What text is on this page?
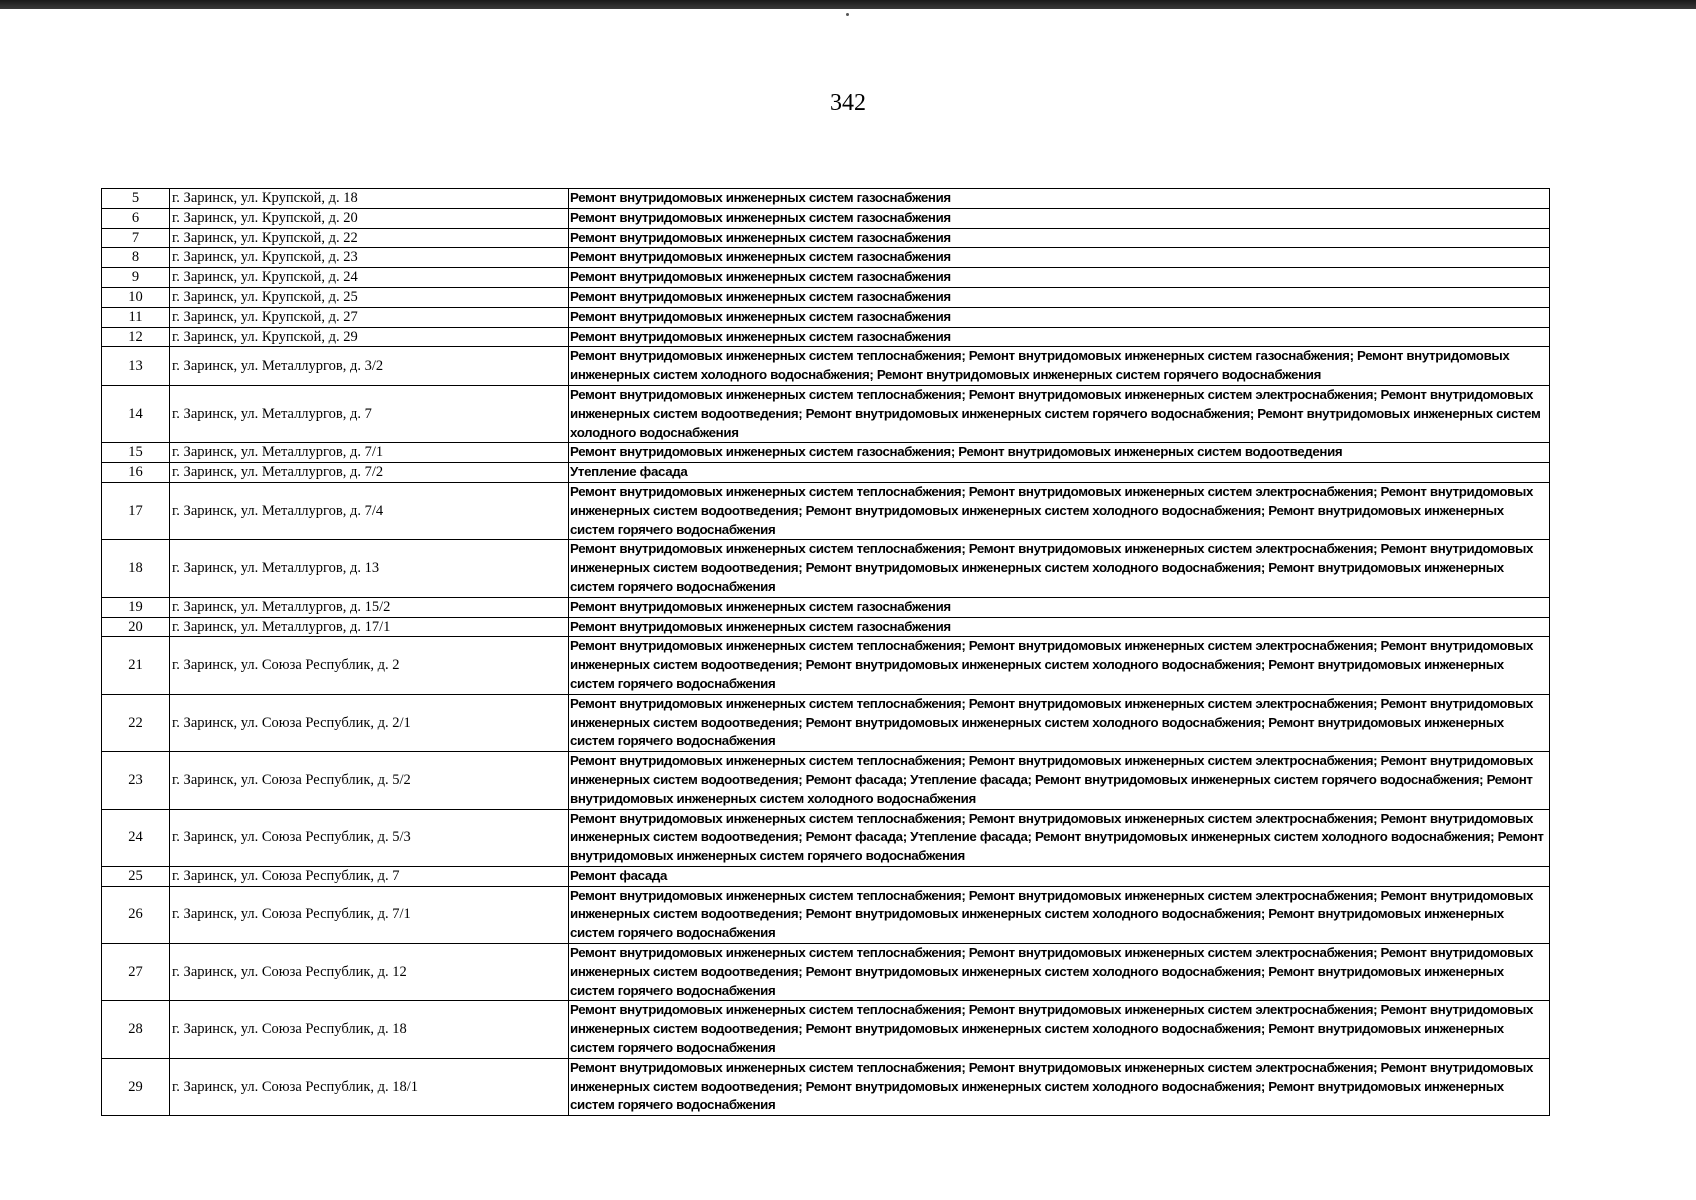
342
5	г. Заринск, ул. Крупской, д. 18	Ремонт внутридомовых инженерных систем газоснабжения
6	г. Заринск, ул. Крупской, д. 20	Ремонт внутридомовых инженерных систем газоснабжения
7	г. Заринск, ул. Крупской, д. 22	Ремонт внутридомовых инженерных систем газоснабжения
8	г. Заринск, ул. Крупской, д. 23	Ремонт внутридомовых инженерных систем газоснабжения
9	г. Заринск, ул. Крупской, д. 24	Ремонт внутридомовых инженерных систем газоснабжения
10	г. Заринск, ул. Крупской, д. 25	Ремонт внутридомовых инженерных систем газоснабжения
11	г. Заринск, ул. Крупской, д. 27	Ремонт внутридомовых инженерных систем газоснабжения
12	г. Заринск, ул. Крупской, д. 29	Ремонт внутридомовых инженерных систем газоснабжения
13	г. Заринск, ул. Металлургов, д. 3/2	Ремонт внутридомовых инженерных систем теплоснабжения; Ремонт внутридомовых инженерных систем газоснабжения; Ремонт внутридомовых инженерных систем холодного водоснабжения; Ремонт внутридомовых инженерных систем горячего водоснабжения
14	г. Заринск, ул. Металлургов, д. 7	Ремонт внутридомовых инженерных систем теплоснабжения; Ремонт внутридомовых инженерных систем электроснабжения; Ремонт внутридомовых инженерных систем водоотведения; Ремонт внутридомовых инженерных систем горячего водоснабжения; Ремонт внутридомовых инженерных систем холодного водоснабжения
15	г. Заринск, ул. Металлургов, д. 7/1	Ремонт внутридомовых инженерных систем газоснабжения; Ремонт внутридомовых инженерных систем водоотведения
16	г. Заринск, ул. Металлургов, д. 7/2	Утепление фасада
17	г. Заринск, ул. Металлургов, д. 7/4	Ремонт внутридомовых инженерных систем теплоснабжения; Ремонт внутридомовых инженерных систем электроснабжения; Ремонт внутридомовых инженерных систем водоотведения; Ремонт внутридомовых инженерных систем холодного водоснабжения; Ремонт внутридомовых инженерных систем горячего водоснабжения
18	г. Заринск, ул. Металлургов, д. 13	Ремонт внутридомовых инженерных систем теплоснабжения; Ремонт внутридомовых инженерных систем электроснабжения; Ремонт внутридомовых инженерных систем водоотведения; Ремонт внутридомовых инженерных систем холодного водоснабжения; Ремонт внутридомовых инженерных систем горячего водоснабжения
19	г. Заринск, ул. Металлургов, д. 15/2	Ремонт внутридомовых инженерных систем газоснабжения
20	г. Заринск, ул. Металлургов, д. 17/1	Ремонт внутридомовых инженерных систем газоснабжения
21	г. Заринск, ул. Союза Республик, д. 2	Ремонт внутридомовых инженерных систем теплоснабжения; Ремонт внутридомовых инженерных систем электроснабжения; Ремонт внутридомовых инженерных систем водоотведения; Ремонт внутридомовых инженерных систем холодного водоснабжения; Ремонт внутридомовых инженерных систем горячего водоснабжения
22	г. Заринск, ул. Союза Республик, д. 2/1	Ремонт внутридомовых инженерных систем теплоснабжения; Ремонт внутридомовых инженерных систем электроснабжения; Ремонт внутридомовых инженерных систем водоотведения; Ремонт внутридомовых инженерных систем холодного водоснабжения; Ремонт внутридомовых инженерных систем горячего водоснабжения
23	г. Заринск, ул. Союза Республик, д. 5/2	Ремонт внутридомовых инженерных систем теплоснабжения; Ремонт внутридомовых инженерных систем электроснабжения; Ремонт внутридомовых инженерных систем водоотведения; Ремонт фасада; Утепление фасада; Ремонт внутридомовых инженерных систем горячего водоснабжения; Ремонт внутридомовых инженерных систем холодного водоснабжения
24	г. Заринск, ул. Союза Республик, д. 5/3	Ремонт внутридомовых инженерных систем теплоснабжения; Ремонт внутридомовых инженерных систем электроснабжения; Ремонт внутридомовых инженерных систем водоотведения; Ремонт фасада; Утепление фасада; Ремонт внутридомовых инженерных систем холодного водоснабжения; Ремонт внутридомовых инженерных систем горячего водоснабжения
25	г. Заринск, ул. Союза Республик, д. 7	Ремонт фасада
26	г. Заринск, ул. Союза Республик, д. 7/1	Ремонт внутридомовых инженерных систем теплоснабжения; Ремонт внутридомовых инженерных систем электроснабжения; Ремонт внутридомовых инженерных систем водоотведения; Ремонт внутридомовых инженерных систем холодного водоснабжения; Ремонт внутридомовых инженерных систем горячего водоснабжения
27	г. Заринск, ул. Союза Республик, д. 12	Ремонт внутридомовых инженерных систем теплоснабжения; Ремонт внутридомовых инженерных систем электроснабжения; Ремонт внутридомовых инженерных систем водоотведения; Ремонт внутридомовых инженерных систем холодного водоснабжения; Ремонт внутридомовых инженерных систем горячего водоснабжения
28	г. Заринск, ул. Союза Республик, д. 18	Ремонт внутридомовых инженерных систем теплоснабжения; Ремонт внутридомовых инженерных систем электроснабжения; Ремонт внутридомовых инженерных систем водоотведения; Ремонт внутридомовых инженерных систем холодного водоснабжения; Ремонт внутридомовых инженерных систем горячего водоснабжения
29	г. Заринск, ул. Союза Республик, д. 18/1	Ремонт внутридомовых инженерных систем теплоснабжения; Ремонт внутридомовых инженерных систем электроснабжения; Ремонт внутридомовых инженерных систем водоотведения; Ремонт внутридомовых инженерных систем холодного водоснабжения; Ремонт внутридомовых инженерных систем горячего водоснабжения
